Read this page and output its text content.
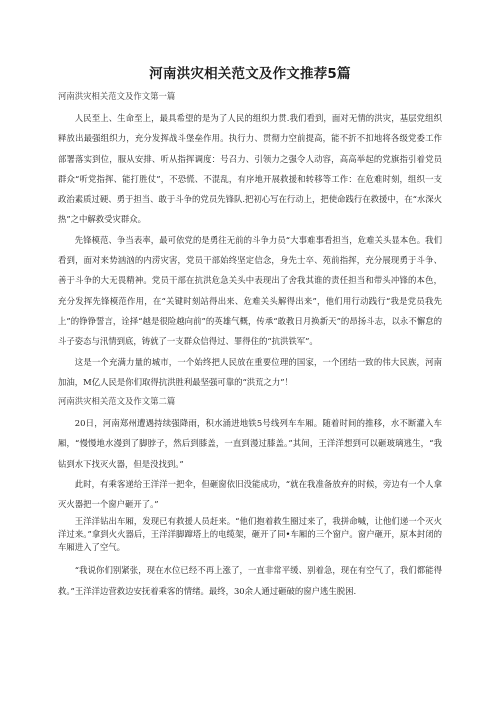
河南洪灾相关范文及作文推荐5篇
河南洪灾相关范文及作文第一篇

人民至上、生命至上，最具希望的是为了人民的组织力贯.我们看到，面对无情的洪灾，基层党组织释放出最强组织力，充分发挥战斗堡垒作用。执行力、贯彻力空前提高，能不折不扣地将各级党委工作部署落实到位，服从安排、听从指挥调度：号召力、引领力之强令人动容，高高举起的党旗指引着党员群众“听党指挥、能打胜仗”，不恐慌、不混乱，有序地开展救援和转移等工作：在危难时刻，组织一支政治素质过硬、勇于担当、敢于斗争的党员先锋队.把初心写在行动上，把使命践行在救援中，在“水深火热”之中解救受灾群众。

先锋模范、争当表率，最可依党的是勇往无前的斗争力员“大事难事看担当，危难关头显本色。我们看到，面对来势汹汹的内涝灾害，党员干部始终坚定信念，身先士卒、苑前指挥，充分展现勇于斗争、善于斗争的大无畏精神。党员干部在抗洪危急关头中表现出了舍我其谁的责任担当和带头冲锋的本色，充分发挥先锋模范作用，在“关键时刻站得出来、危难关头解得出来”，他们用行动践行“我是党员我先上”的铮铮誓言，诠择“越是很险越向前”的英雄气概，传承“敢教日月换新天”的昂扬斗志，以永不懈怠的斗子姿态与汛情到底，铸就了一支群众信得过、罪得住的“抗洪铁军”。

这是一个充满力量的城市，一个始终把人民放在重要位理的国家，一个团结一致的伟大民族，河南加油，M亿人民是你们取得抗洪胜利最坚强可靠的“洪荒之力”！

河南洪灾相关范文及作文第二篇

20日，河南郑州遭遇持续强降雨，积水涌进地铁5号线列车车厢。随着时间的推移，水不断灌入车厢，“慢慢地水漫到了脚脖子，然后到膝盖，一直到漫过膝盖。”其间，王洋洋想到可以砸玻璃逃生，“我钻到水下找灭火器，但是没找到。”

此时，有乘客递给王洋洋一把伞，但砸窗依旧没能成功，“就在我准备放弃的时候，旁边有一个人拿灭火器把一个窗户砸开了。”

王洋洋钻出车厢，发现已有救援人员赶来。“他们抱着救生圈过来了，我拼命喊，让他们递一个灭火洋过来。”拿到火火器后，王洋洋脚蹿塔上的电缆架，砸开了同•车厢的三个窗户。窗户砸开，原本封闭的车厢进入了空气。

“我说你们别紧张，现在水位已经不再上涨了，一直非常平缓、别着急，现在有空气了，我们都能得救。”王洋洋边营救边安抚着乘客的情绪。最终，30余人通过砸破的窗户逃生脱困.
